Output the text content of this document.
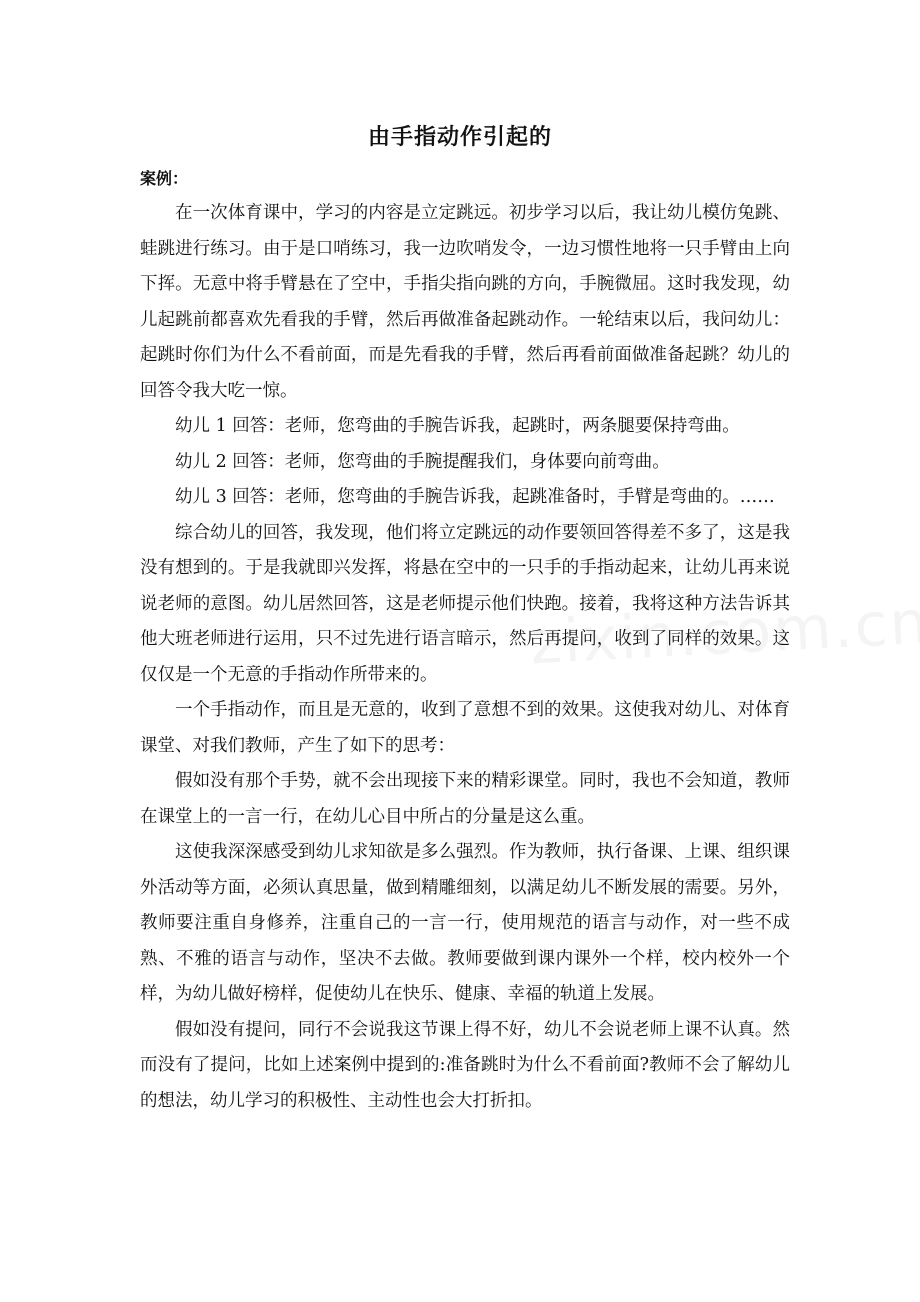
由手指动作引起的
案例：

在一次体育课中，学习的内容是立定跳远。初步学习以后，我让幼儿模仿兔跳、蛙跳进行练习。由于是口哨练习，我一边吹哨发令，一边习惯性地将一只手臂由上向下挥。无意中将手臂悬在了空中，手指尖指向跳的方向，手腕微屈。这时我发现，幼儿起跳前都喜欢先看我的手臂，然后再做准备起跳动作。一轮结束以后，我问幼儿：起跳时你们为什么不看前面，而是先看我的手臂，然后再看前面做准备起跳？幼儿的回答令我大吃一惊。

幼儿 1 回答：老师，您弯曲的手腕告诉我，起跳时，两条腿要保持弯曲。

幼儿 2 回答：老师，您弯曲的手腕提醒我们，身体要向前弯曲。

幼儿 3 回答：老师，您弯曲的手腕告诉我，起跳准备时，手臂是弯曲的。……

综合幼儿的回答，我发现，他们将立定跳远的动作要领回答得差不多了，这是我没有想到的。于是我就即兴发挥，将悬在空中的一只手的手指动起来，让幼儿再来说说老师的意图。幼儿居然回答，这是老师提示他们快跑。接着，我将这种方法告诉其他大班老师进行运用，只不过先进行语言暗示，然后再提问，收到了同样的效果。这仅仅是一个无意的手指动作所带来的。

一个手指动作，而且是无意的，收到了意想不到的效果。这使我对幼儿、对体育课堂、对我们教师，产生了如下的思考：

假如没有那个手势，就不会出现接下来的精彩课堂。同时，我也不会知道，教师在课堂上的一言一行，在幼儿心目中所占的分量是这么重。

这使我深深感受到幼儿求知欲是多么强烈。作为教师，执行备课、上课、组织课外活动等方面，必须认真思量，做到精雕细刻，以满足幼儿不断发展的需要。另外，教师要注重自身修养，注重自己的一言一行，使用规范的语言与动作，对一些不成熟、不雅的语言与动作，坚决不去做。教师要做到课内课外一个样，校内校外一个样，为幼儿做好榜样，促使幼儿在快乐、健康、幸福的轨道上发展。

假如没有提问，同行不会说我这节课上得不好，幼儿不会说老师上课不认真。然而没有了提问，比如上述案例中提到的:准备跳时为什么不看前面?教师不会了解幼儿的想法，幼儿学习的积极性、主动性也会大打折扣。
